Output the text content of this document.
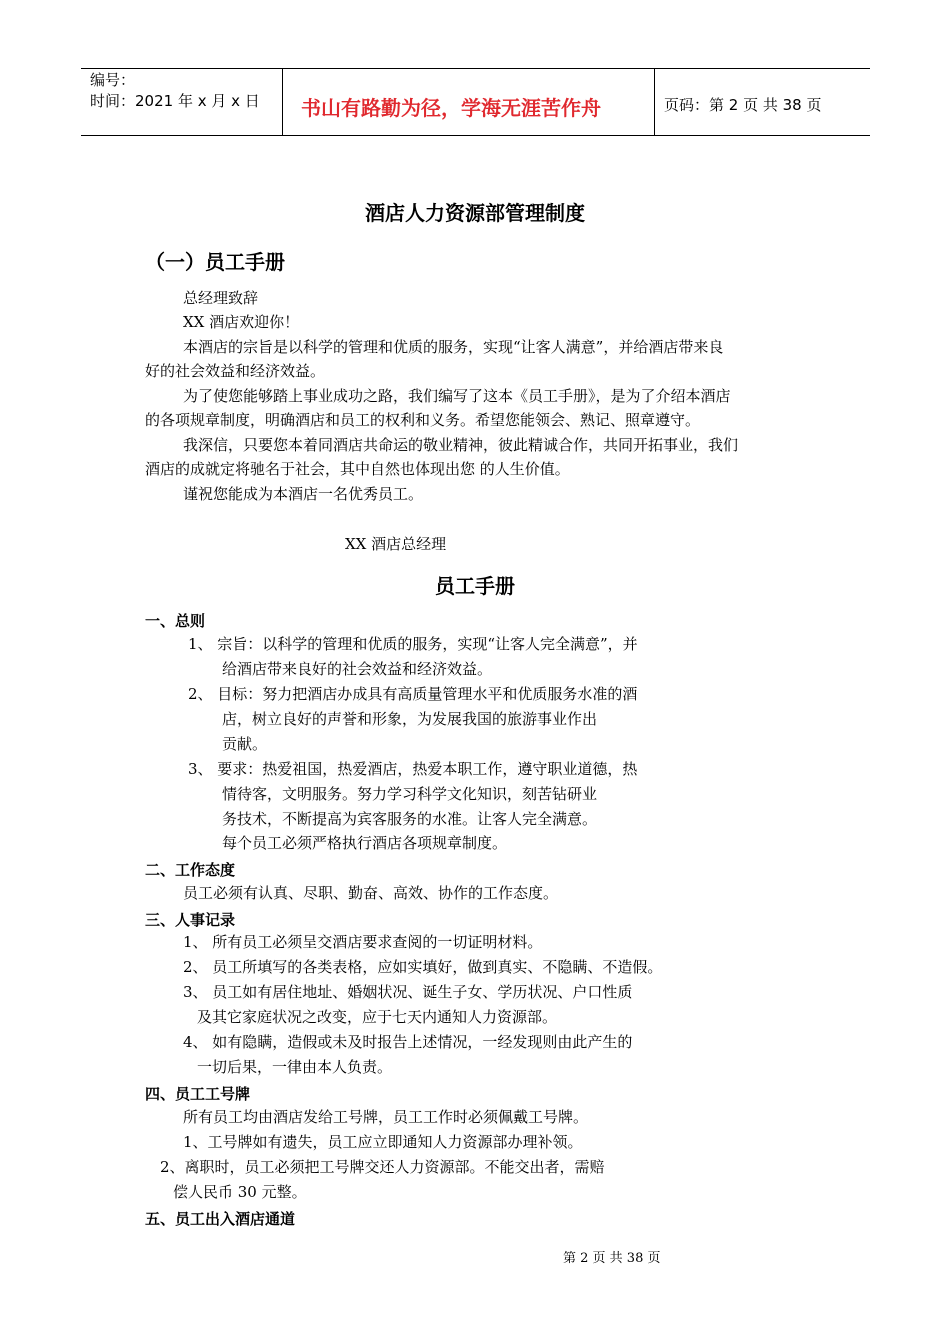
编号：
时间：2021 年 x 月 x 日 书山有路勤为径，学海无涯苦作舟	页码：第 2 页 共 38 页
酒店人力资源部管理制度
（一）员工手册
总经理致辞
XX 酒店欢迎你！
本酒店的宗旨是以科学的管理和优质的服务，实现“让客人满意”，并给酒店带来良
好的社会效益和经济效益。
为了使您能够踏上事业成功之路，我们编写了这本《员工手册》，是为了介绍本酒店
的各项规章制度，明确酒店和员工的权利和义务。希望您能领会、熟记、照章遵守。
我深信，只要您本着同酒店共命运的敬业精神，彼此精诚合作，共同开拓事业，我们
酒店的成就定将驰名于社会，其中自然也体现出您 的人生价值。
谨祝您能成为本酒店一名优秀员工。
XX 酒店总经理
员工手册
一、总则
1、 宗旨：以科学的管理和优质的服务，实现“让客人完全满意”，并
给酒店带来良好的社会效益和经济效益。
2、 目标：努力把酒店办成具有高质量管理水平和优质服务水准的酒
店，树立良好的声誉和形象，为发展我国的旅游事业作出
贡献。
3、 要求：热爱祖国，热爱酒店，热爱本职工作，遵守职业道德，热
情待客，文明服务。努力学习科学文化知识，刻苦钻研业
务技术，不断提高为宾客服务的水准。让客人完全满意。
每个员工必须严格执行酒店各项规章制度。
二、工作态度
员工必须有认真、尽职、勤奋、高效、协作的工作态度。
三、人事记录
1、 所有员工必须呈交酒店要求查阅的一切证明材料。
2、 员工所填写的各类表格，应如实填好，做到真实、不隐瞒、不造假。
3、 员工如有居住地址、婚姻状况、诞生子女、学历状况、户口性质
及其它家庭状况之改变，应于七天内通知人力资源部。
4、 如有隐瞒，造假或未及时报告上述情况，一经发现则由此产生的
一切后果，一律由本人负责。
四、员工工号牌
所有员工均由酒店发给工号牌，员工工作时必须佩戴工号牌。
1、工号牌如有遗失，员工应立即通知人力资源部办理补领。
2、离职时，员工必须把工号牌交还人力资源部。不能交出者，需赔
偿人民币 30 元整。
五、员工出入酒店通道
第 2 页 共 38 页
